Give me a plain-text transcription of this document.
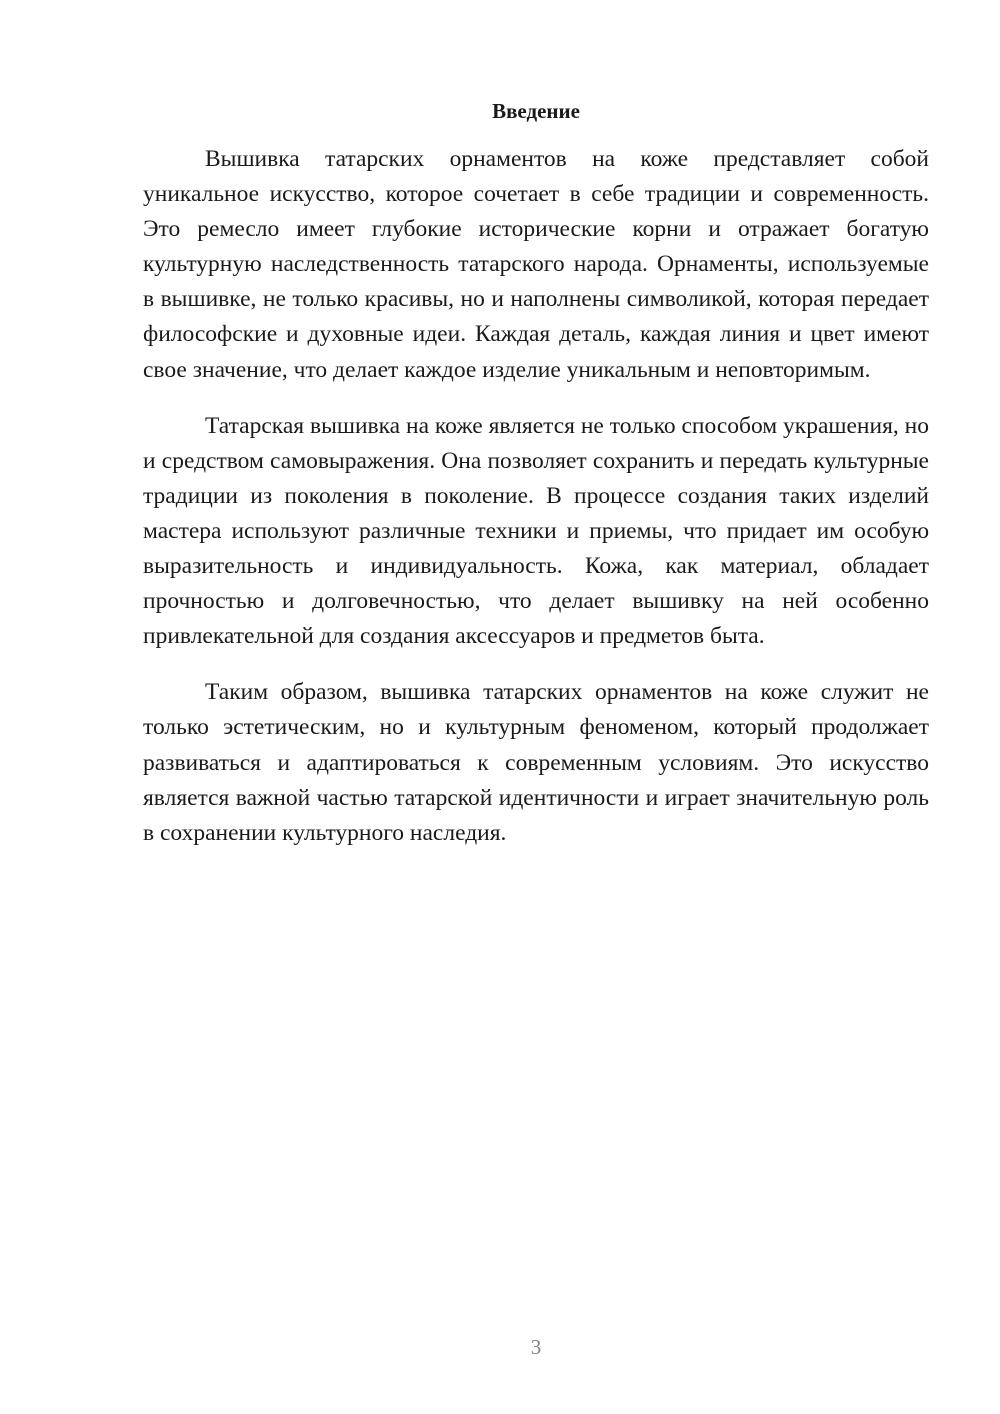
Введение

Вышивка татарских орнаментов на коже представляет собой уникальное искусство, которое сочетает в себе традиции и современность. Это ремесло имеет глубокие исторические корни и отражает богатую культурную наследственность татарского народа. Орнаменты, используемые в вышивке, не только красивы, но и наполнены символикой, которая передает философские и духовные идеи. Каждая деталь, каждая линия и цвет имеют свое значение, что делает каждое изделие уникальным и неповторимым.

Татарская вышивка на коже является не только способом украшения, но и средством самовыражения. Она позволяет сохранить и передать культурные традиции из поколения в поколение. В процессе создания таких изделий мастера используют различные техники и приемы, что придает им особую выразительность и индивидуальность. Кожа, как материал, обладает прочностью и долговечностью, что делает вышивку на ней особенно привлекательной для создания аксессуаров и предметов быта.

Таким образом, вышивка татарских орнаментов на коже служит не только эстетическим, но и культурным феноменом, который продолжает развиваться и адаптироваться к современным условиям. Это искусство является важной частью татарской идентичности и играет значительную роль в сохранении культурного наследия.

3
